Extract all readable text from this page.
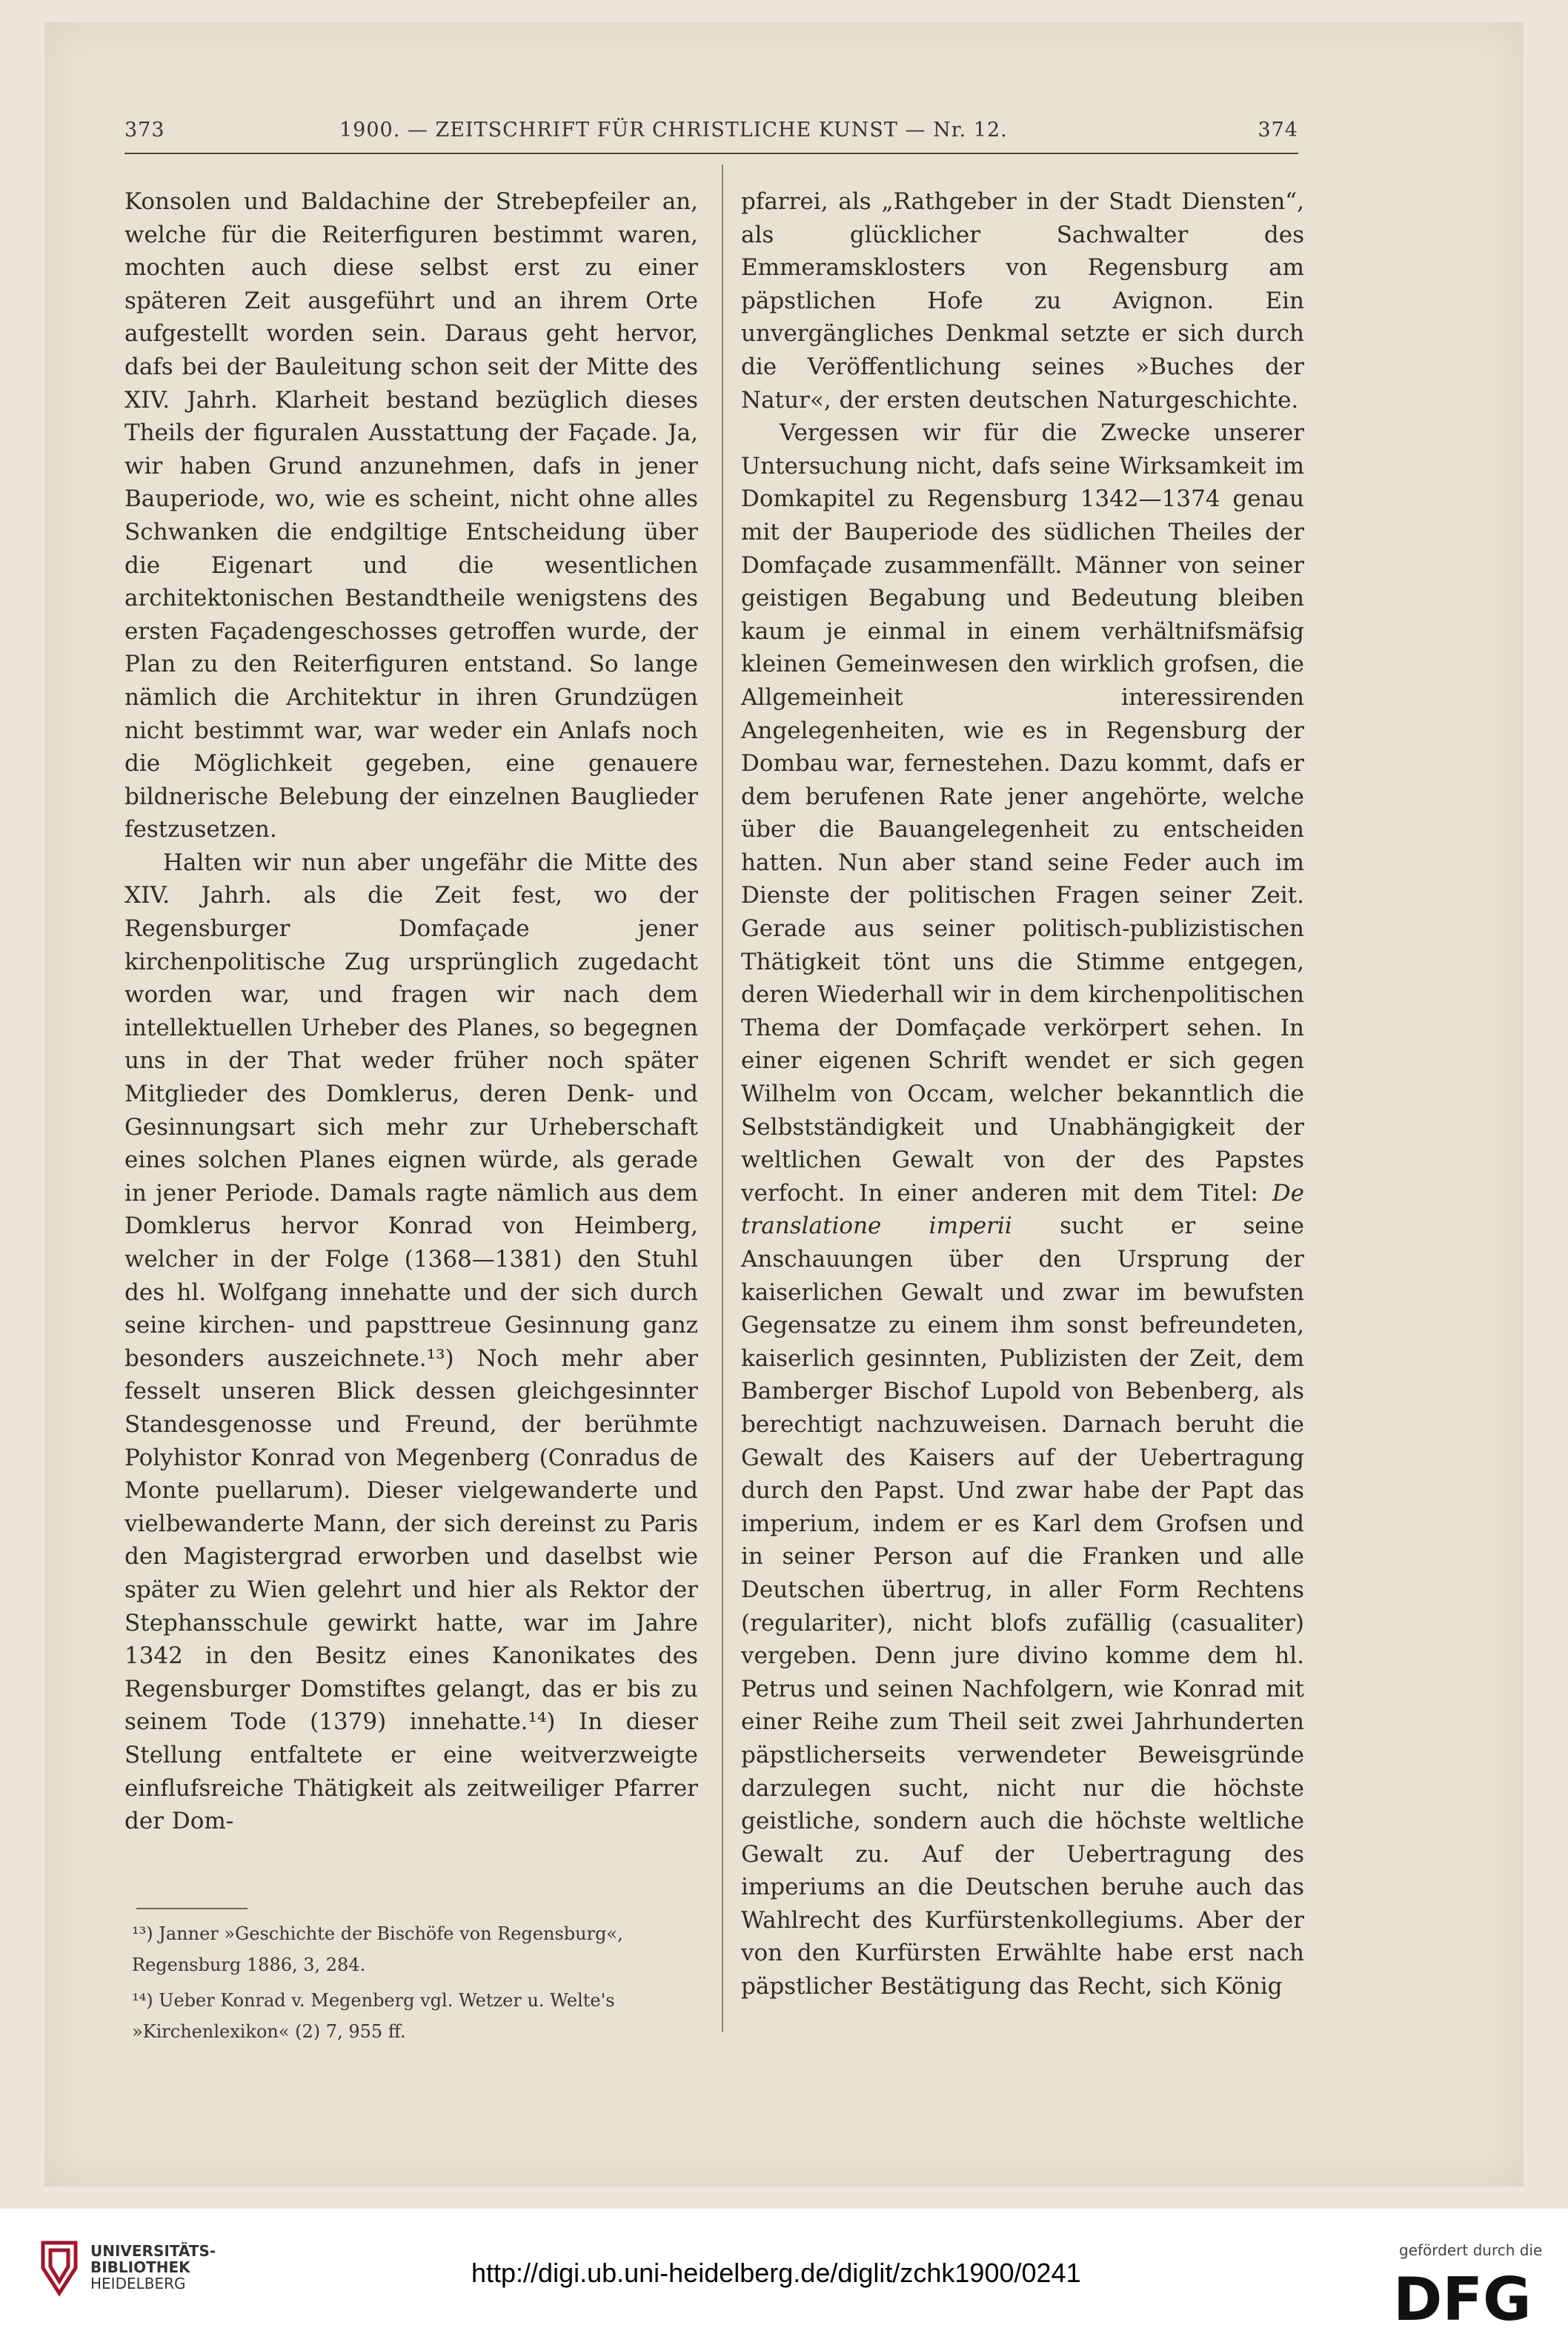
373	1900. — ZEITSCHRIFT FÜR CHRISTLICHE KUNST — Nr. 12.	374

Konsolen und Baldachine der Strebepfeiler an, welche für die Reiterfiguren bestimmt waren, mochten auch diese selbst erst zu einer späteren Zeit ausgeführt und an ihrem Orte aufgestellt worden sein. Daraus geht hervor, dafs bei der Bauleitung schon seit der Mitte des XIV. Jahrh. Klarheit bestand bezüglich dieses Theils der figuralen Ausstattung der Façade. Ja, wir haben Grund anzunehmen, dafs in jener Bauperiode, wo, wie es scheint, nicht ohne alles Schwanken die endgiltige Entscheidung über die Eigenart und die wesentlichen architektonischen Bestandtheile wenigstens des ersten Façadengeschosses getroffen wurde, der Plan zu den Reiterfiguren entstand. So lange nämlich die Architektur in ihren Grundzügen nicht bestimmt war, war weder ein Anlafs noch die Möglichkeit gegeben, eine genauere bildnerische Belebung der einzelnen Bauglieder festzusetzen.

Halten wir nun aber ungefähr die Mitte des XIV. Jahrh. als die Zeit fest, wo der Regensburger Domfaçade jener kirchenpolitische Zug ursprünglich zugedacht worden war, und fragen wir nach dem intellektuellen Urheber des Planes, so begegnen uns in der That weder früher noch später Mitglieder des Domklerus, deren Denk- und Gesinnungsart sich mehr zur Urheberschaft eines solchen Planes eignen würde, als gerade in jener Periode. Damals ragte nämlich aus dem Domklerus hervor Konrad von Heimberg, welcher in der Folge (1368—1381) den Stuhl des hl. Wolfgang innehatte und der sich durch seine kirchen- und papsttreue Gesinnung ganz besonders auszeichnete.¹³) Noch mehr aber fesselt unseren Blick dessen gleichgesinnter Standesgenosse und Freund, der berühmte Polyhistor Konrad von Megenberg (Conradus de Monte puellarum). Dieser vielgewanderte und vielbewanderte Mann, der sich dereinst zu Paris den Magistergrad erworben und daselbst wie später zu Wien gelehrt und hier als Rektor der Stephansschule gewirkt hatte, war im Jahre 1342 in den Besitz eines Kanonikates des Regensburger Domstiftes gelangt, das er bis zu seinem Tode (1379) innehatte.¹⁴) In dieser Stellung entfaltete er eine weitverzweigte einflufsreiche Thätigkeit als zeitweiliger Pfarrer der Dom-

¹³) Janner »Geschichte der Bischöfe von Regensburg«, Regensburg 1886, 3, 284.

¹⁴) Ueber Konrad v. Megenberg vgl. Wetzer u. Welte's »Kirchenlexikon« (2) 7, 955 ff.

pfarrei, als „Rathgeber in der Stadt Diensten“, als glücklicher Sachwalter des Emmeramsklosters von Regensburg am päpstlichen Hofe zu Avignon. Ein unvergängliches Denkmal setzte er sich durch die Veröffentlichung seines »Buches der Natur«, der ersten deutschen Naturgeschichte.

Vergessen wir für die Zwecke unserer Untersuchung nicht, dafs seine Wirksamkeit im Domkapitel zu Regensburg 1342—1374 genau mit der Bauperiode des südlichen Theiles der Domfaçade zusammenfällt. Männer von seiner geistigen Begabung und Bedeutung bleiben kaum je einmal in einem verhältnifsmäfsig kleinen Gemeinwesen den wirklich grofsen, die Allgemeinheit interessirenden Angelegenheiten, wie es in Regensburg der Dombau war, fernestehen. Dazu kommt, dafs er dem berufenen Rate jener angehörte, welche über die Bauangelegenheit zu entscheiden hatten. Nun aber stand seine Feder auch im Dienste der politischen Fragen seiner Zeit. Gerade aus seiner politisch-publizistischen Thätigkeit tönt uns die Stimme entgegen, deren Wiederhall wir in dem kirchenpolitischen Thema der Domfaçade verkörpert sehen. In einer eigenen Schrift wendet er sich gegen Wilhelm von Occam, welcher bekanntlich die Selbstständigkeit und Unabhängigkeit der weltlichen Gewalt von der des Papstes verfocht. In einer anderen mit dem Titel: De translatione imperii sucht er seine Anschauungen über den Ursprung der kaiserlichen Gewalt und zwar im bewufsten Gegensatze zu einem ihm sonst befreundeten, kaiserlich gesinnten, Publizisten der Zeit, dem Bamberger Bischof Lupold von Bebenberg, als berechtigt nachzuweisen. Darnach beruht die Gewalt des Kaisers auf der Uebertragung durch den Papst. Und zwar habe der Papt das imperium, indem er es Karl dem Grofsen und in seiner Person auf die Franken und alle Deutschen übertrug, in aller Form Rechtens (regulariter), nicht blofs zufällig (casualiter) vergeben. Denn jure divino komme dem hl. Petrus und seinen Nachfolgern, wie Konrad mit einer Reihe zum Theil seit zwei Jahrhunderten päpstlicherseits verwendeter Beweisgründe darzulegen sucht, nicht nur die höchste geistliche, sondern auch die höchste weltliche Gewalt zu. Auf der Uebertragung des imperiums an die Deutschen beruhe auch das Wahlrecht des Kurfürstenkollegiums. Aber der von den Kurfürsten Erwählte habe erst nach päpstlicher Bestätigung das Recht, sich König

UNIVERSITÄTS-
BIBLIOTHEK
HEIDELBERG	http://digi.ub.uni-heidelberg.de/diglit/zchk1900/0241
gefördert durch die
DFG
